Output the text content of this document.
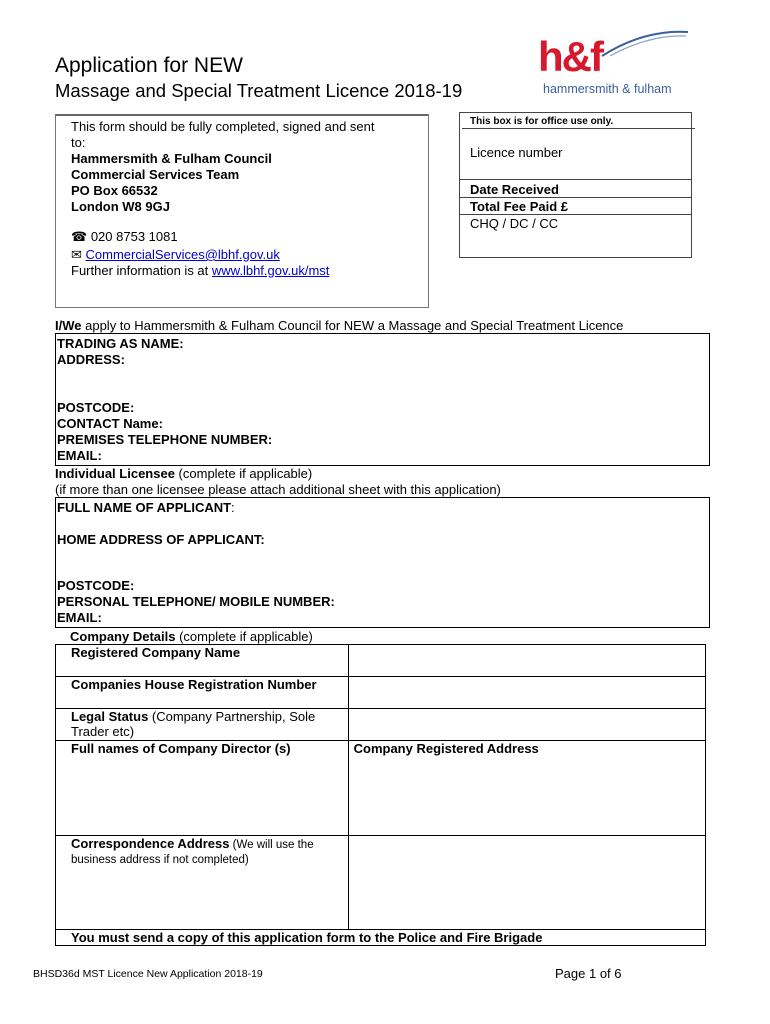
Application for NEW
Massage and Special Treatment Licence 2018-19
h&f
hammersmith & fulham
This form should be fully completed, signed and sent
to:
Hammersmith & Fulham Council
Commercial Services Team
PO Box 66532
London W8 9GJ
☎ 020 8753 1081
✉ CommercialServices@lbhf.gov.uk
Further information is at www.lbhf.gov.uk/mst
This box is for office use only.
Licence number
Date Received
Total Fee Paid £
CHQ / DC / CC
I/We apply to Hammersmith & Fulham Council for NEW a Massage and Special Treatment Licence
TRADING AS NAME:
ADDRESS:
POSTCODE:
CONTACT Name:
PREMISES TELEPHONE NUMBER:
EMAIL:
Individual Licensee (complete if applicable)
(if more than one licensee please attach additional sheet with this application)
FULL NAME OF APPLICANT:
HOME ADDRESS OF APPLICANT:
POSTCODE:
PERSONAL TELEPHONE/ MOBILE NUMBER:
EMAIL:
Company Details (complete if applicable)
Registered Company Name	
Companies House Registration Number	
Legal Status (Company Partnership, Sole Trader etc)	
Full names of Company Director (s)	Company Registered Address
Correspondence Address (We will use the
business address if not completed)	
You must send a copy of this application form to the Police and Fire Brigade	
BHSD36d MST Licence New Application 2018-19	Page 1 of 6
